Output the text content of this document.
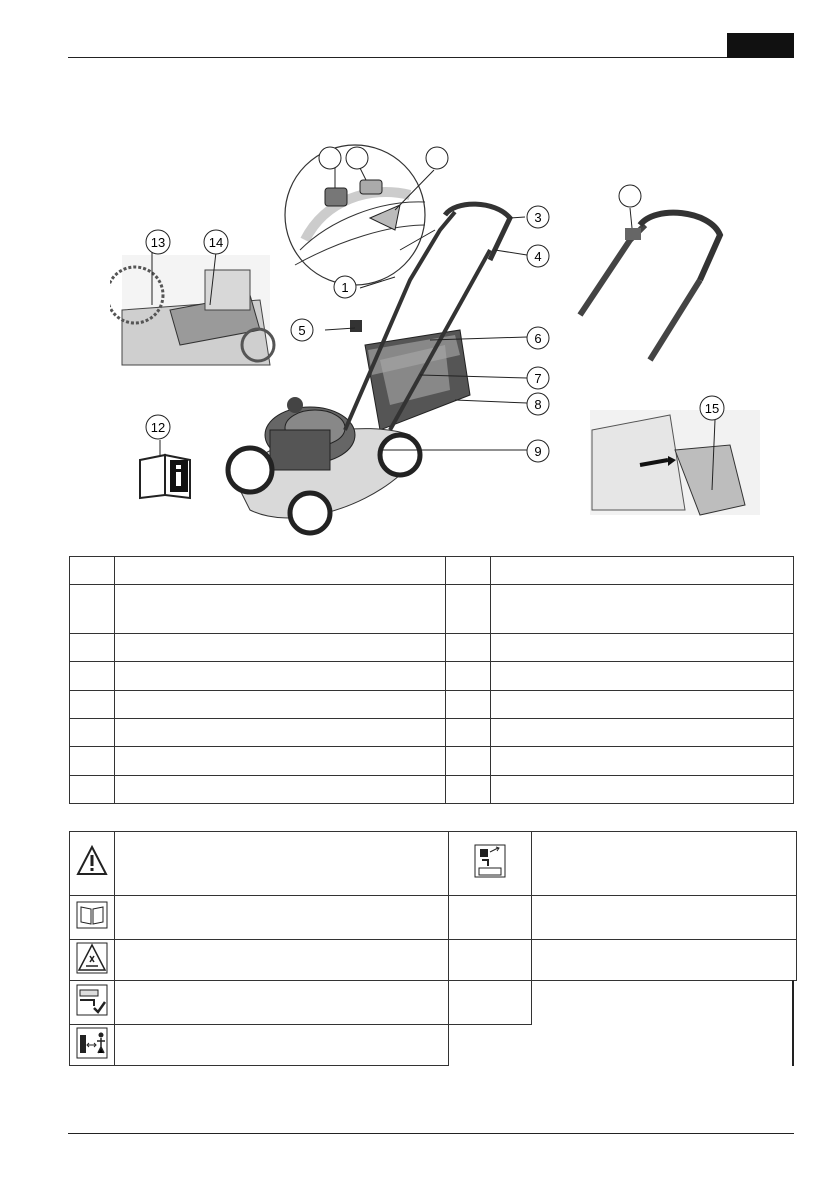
1
3
4
5
6
7
8
9
12
13	14
15
